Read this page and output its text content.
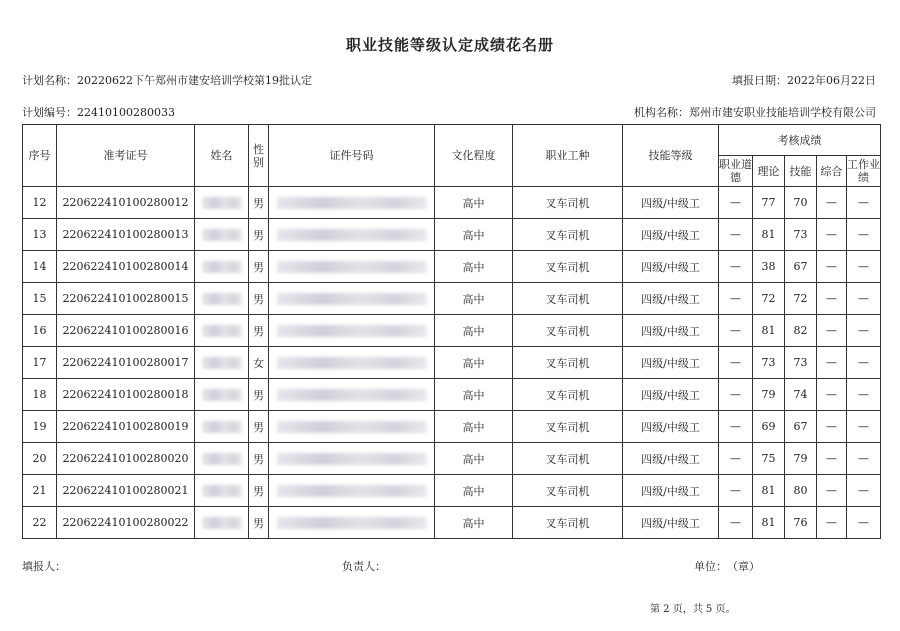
职业技能等级认定成绩花名册
计划名称：20220622下午郑州市建安培训学校第19批认定	填报日期：2022年06月22日
计划编号：22410100280033	机构名称：郑州市建安职业技能培训学校有限公司
序号	准考证号	姓名	性别	证件号码	文化程度	职业工种	技能等级	考核成绩				
								职业道德	理论	技能	综合	工作业绩
12	220622410100280012		男		高中	叉车司机	四级/中级工	—	77	70	—	—
13	220622410100280013		男		高中	叉车司机	四级/中级工	—	81	73	—	—
14	220622410100280014		男		高中	叉车司机	四级/中级工	—	38	67	—	—
15	220622410100280015		男		高中	叉车司机	四级/中级工	—	72	72	—	—
16	220622410100280016		男		高中	叉车司机	四级/中级工	—	81	82	—	—
17	220622410100280017		女		高中	叉车司机	四级/中级工	—	73	73	—	—
18	220622410100280018		男		高中	叉车司机	四级/中级工	—	79	74	—	—
19	220622410100280019		男		高中	叉车司机	四级/中级工	—	69	67	—	—
20	220622410100280020		男		高中	叉车司机	四级/中级工	—	75	79	—	—
21	220622410100280021		男		高中	叉车司机	四级/中级工	—	81	80	—	—
22	220622410100280022		男		高中	叉车司机	四级/中级工	—	81	76	—	—
填报人：	负责人：	单位：　（章）
第 2 页，共 5 页。
